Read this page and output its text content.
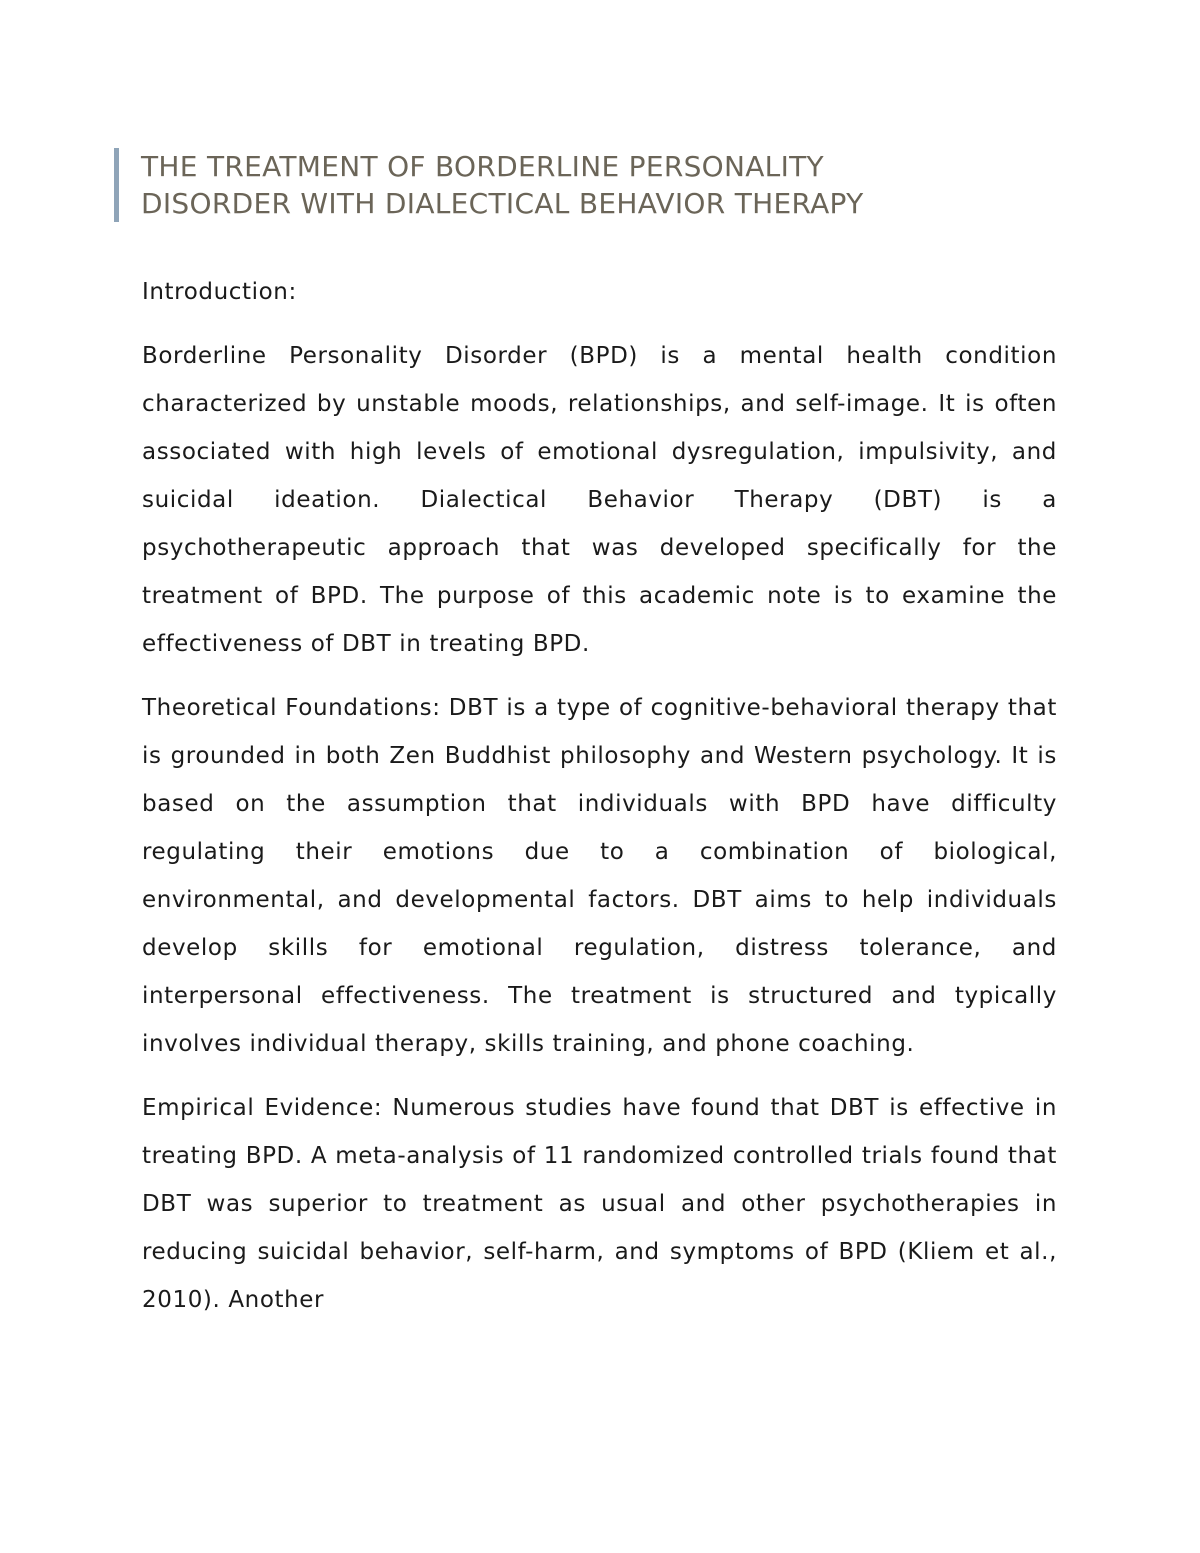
THE TREATMENT OF BORDERLINE PERSONALITY
DISORDER WITH DIALECTICAL BEHAVIOR THERAPY

Introduction:

Borderline Personality Disorder (BPD) is a mental health condition characterized by unstable moods, relationships, and self-image. It is often associated with high levels of emotional dysregulation, impulsivity, and suicidal ideation. Dialectical Behavior Therapy (DBT) is a psychotherapeutic approach that was developed specifically for the treatment of BPD. The purpose of this academic note is to examine the effectiveness of DBT in treating BPD.

Theoretical Foundations: DBT is a type of cognitive-behavioral therapy that is grounded in both Zen Buddhist philosophy and Western psychology. It is based on the assumption that individuals with BPD have difficulty regulating their emotions due to a combination of biological, environmental, and developmental factors. DBT aims to help individuals develop skills for emotional regulation, distress tolerance, and interpersonal effectiveness. The treatment is structured and typically involves individual therapy, skills training, and phone coaching.

Empirical Evidence: Numerous studies have found that DBT is effective in treating BPD. A meta-analysis of 11 randomized controlled trials found that DBT was superior to treatment as usual and other psychotherapies in reducing suicidal behavior, self-harm, and symptoms of BPD (Kliem et al., 2010). Another
